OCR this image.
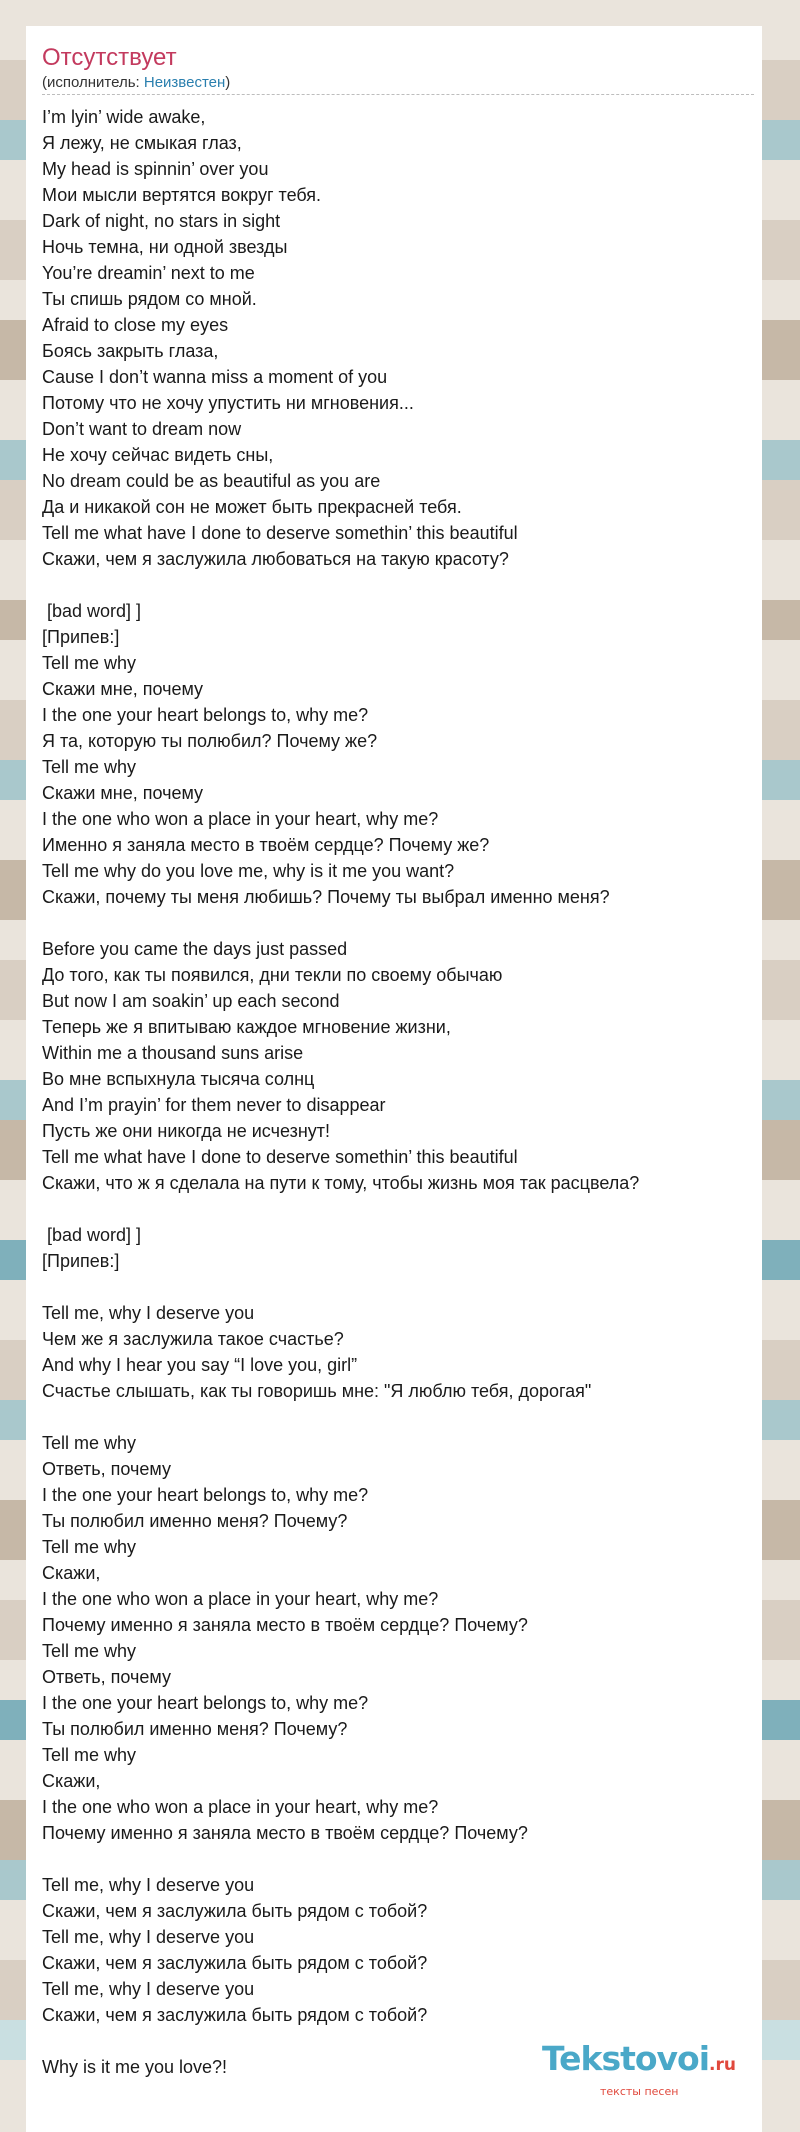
Отсутствует
(исполнитель: Неизвестен)
I’m lyin’ wide awake,
Я лежу, не смыкая глаз,
My head is spinnin’ over you
Мои мысли вертятся вокруг тебя.
Dark of night, no stars in sight
Ночь темна, ни одной звезды
You’re dreamin’ next to me
Ты спишь рядом со мной.
Afraid to close my eyes
Боясь закрыть глаза,
Cause I don’t wanna miss a moment of you
Потому что не хочу упустить ни мгновения...
Don’t want to dream now
Не хочу сейчас видеть сны,
No dream could be as beautiful as you are
Да и никакой сон не может быть прекрасней тебя.
Tell me what have I done to deserve somethin’ this beautiful
Скажи, чем я заслужила любоваться на такую красоту?
[bad word] ]
[Припев:]
Tell me why
Скажи мне, почему
I the one your heart belongs to, why me?
Я та, которую ты полюбил? Почему же?
Tell me why
Скажи мне, почему
I the one who won a place in your heart, why me?
Именно я заняла место в твоём сердце? Почему же?
Tell me why do you love me, why is it me you want?
Скажи, почему ты меня любишь? Почему ты выбрал именно меня?
Before you came the days just passed
До того, как ты появился, дни текли по своему обычаю
But now I am soakin’ up each second
Теперь же я впитываю каждое мгновение жизни,
Within me a thousand suns arise
Во мне вспыхнула тысяча солнц
And I’m prayin’ for them never to disappear
Пусть же они никогда не исчезнут!
Tell me what have I done to deserve somethin’ this beautiful
Скажи, что ж я сделала на пути к тому, чтобы жизнь моя так расцвела?
[bad word] ]
[Припев:]
Tell me, why I deserve you
Чем же я заслужила такое счастье?
And why I hear you say “I love you, girl”
Счастье слышать, как ты говоришь мне: "Я люблю тебя, дорогая"
Tell me why
Ответь, почему
I the one your heart belongs to, why me?
Ты полюбил именно меня? Почему?
Tell me why
Скажи,
I the one who won a place in your heart, why me?
Почему именно я заняла место в твоём сердце? Почему?
Tell me why
Ответь, почему
I the one your heart belongs to, why me?
Ты полюбил именно меня? Почему?
Tell me why
Скажи,
I the one who won a place in your heart, why me?
Почему именно я заняла место в твоём сердце? Почему?
Tell me, why I deserve you
Скажи, чем я заслужила быть рядом с тобой?
Tell me, why I deserve you
Скажи, чем я заслужила быть рядом с тобой?
Tell me, why I deserve you
Скажи, чем я заслужила быть рядом с тобой?
Why is it me you love?!	Tekstovoi.ru
тексты песен
